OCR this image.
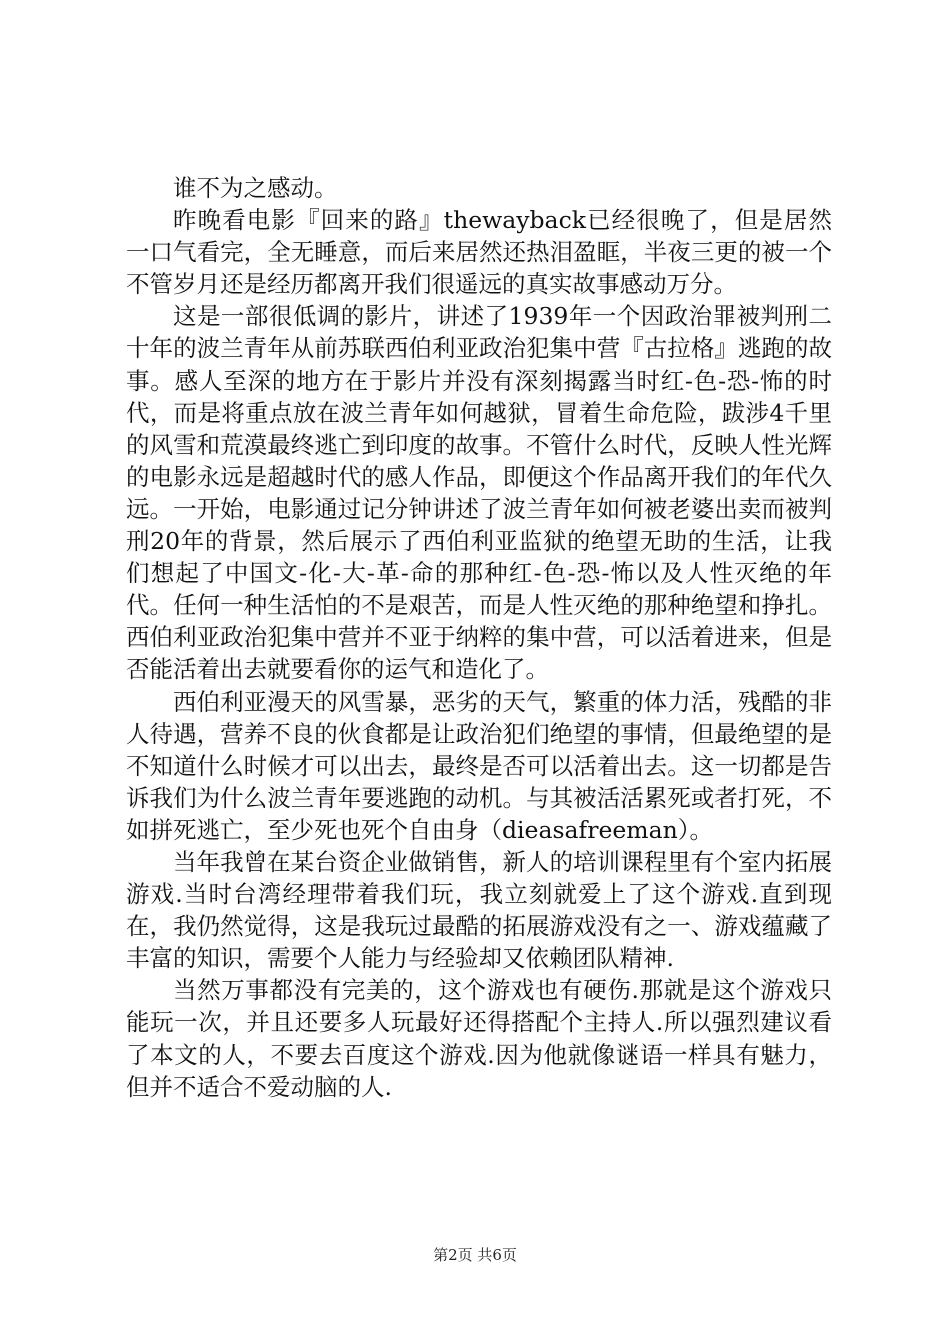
谁不为之感动。

昨晚看电影『回来的路』thewayback已经很晚了，但是居然一口气看完，全无睡意，而后来居然还热泪盈眶，半夜三更的被一个不管岁月还是经历都离开我们很遥远的真实故事感动万分。

这是一部很低调的影片，讲述了1939年一个因政治罪被判刑二十年的波兰青年从前苏联西伯利亚政治犯集中营『古拉格』逃跑的故事。感人至深的地方在于影片并没有深刻揭露当时红-色-恐-怖的时代，而是将重点放在波兰青年如何越狱，冒着生命危险，跋涉4千里的风雪和荒漠最终逃亡到印度的故事。不管什么时代，反映人性光辉的电影永远是超越时代的感人作品，即便这个作品离开我们的年代久远。一开始，电影通过记分钟讲述了波兰青年如何被老婆出卖而被判刑20年的背景，然后展示了西伯利亚监狱的绝望无助的生活，让我们想起了中国文-化-大-革-命的那种红-色-恐-怖以及人性灭绝的年代。任何一种生活怕的不是艰苦，而是人性灭绝的那种绝望和挣扎。西伯利亚政治犯集中营并不亚于纳粹的集中营，可以活着进来，但是否能活着出去就要看你的运气和造化了。

西伯利亚漫天的风雪暴，恶劣的天气，繁重的体力活，残酷的非人待遇，营养不良的伙食都是让政治犯们绝望的事情，但最绝望的是不知道什么时候才可以出去，最终是否可以活着出去。这一切都是告诉我们为什么波兰青年要逃跑的动机。与其被活活累死或者打死，不如拼死逃亡，至少死也死个自由身（dieasafreeman）。

当年我曾在某台资企业做销售，新人的培训课程里有个室内拓展游戏.当时台湾经理带着我们玩，我立刻就爱上了这个游戏.直到现在，我仍然觉得，这是我玩过最酷的拓展游戏没有之一、游戏蕴藏了丰富的知识，需要个人能力与经验却又依赖团队精神.

当然万事都没有完美的，这个游戏也有硬伤.那就是这个游戏只能玩一次，并且还要多人玩最好还得搭配个主持人.所以强烈建议看了本文的人，不要去百度这个游戏.因为他就像谜语一样具有魅力，但并不适合不爱动脑的人.

第2页 共6页
